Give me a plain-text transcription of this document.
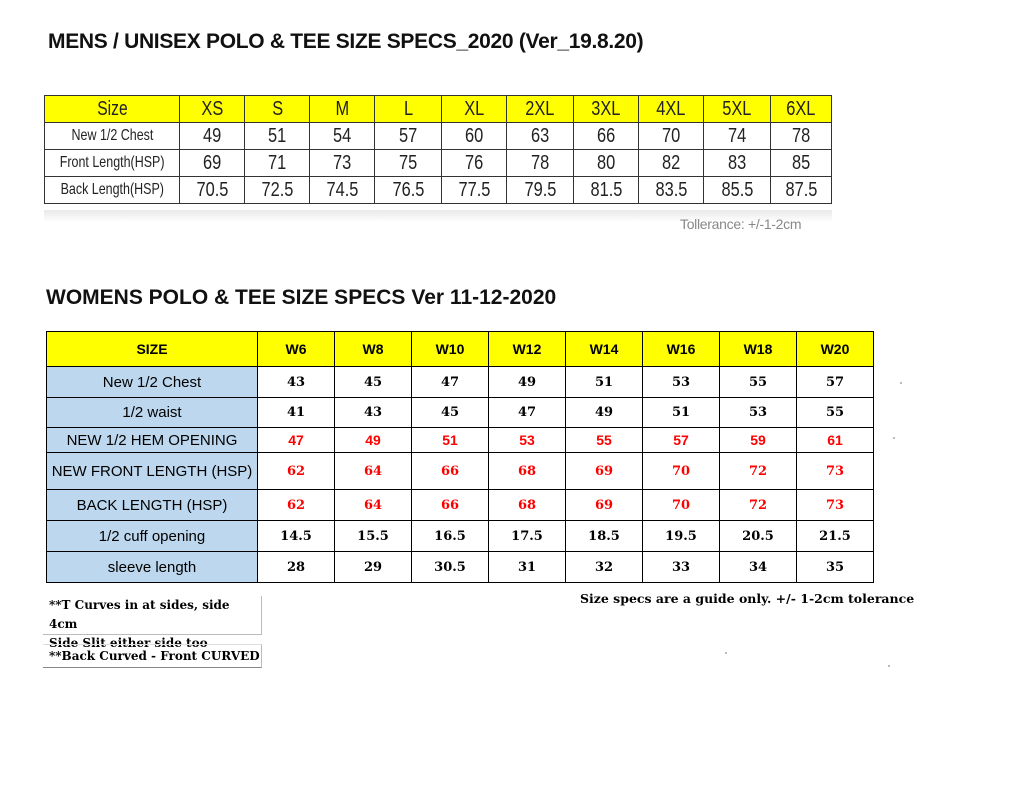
MENS / UNISEX POLO & TEE SIZE SPECS_2020 (Ver_19.8.20)
Size	XS	S	M	L	XL	2XL	3XL	4XL	5XL	6XL
New 1/2 Chest	49	51	54	57	60	63	66	70	74	78
Front Length(HSP)	69	71	73	75	76	78	80	82	83	85
Back Length(HSP)	70.5	72.5	74.5	76.5	77.5	79.5	81.5	83.5	85.5	87.5
Tollerance: +/-1-2cm
WOMENS POLO & TEE SIZE SPECS Ver 11-12-2020
SIZE	W6	W8	W10	W12	W14	W16	W18	W20
New 1/2 Chest	43	45	47	49	51	53	55	57
1/2 waist	41	43	45	47	49	51	53	55
NEW 1/2 HEM OPENING	47	49	51	53	55	57	59	61
NEW FRONT LENGTH (HSP)	62	64	66	68	69	70	72	73
BACK LENGTH (HSP)	62	64	66	68	69	70	72	73
1/2 cuff opening	14.5	15.5	16.5	17.5	18.5	19.5	20.5	21.5
sleeve length	28	29	30.5	31	32	33	34	35
**T Curves in at sides, side 4cm
Side Slit either side too
**Back Curved - Front CURVED
Size specs are a guide only. +/- 1-2cm tolerance
